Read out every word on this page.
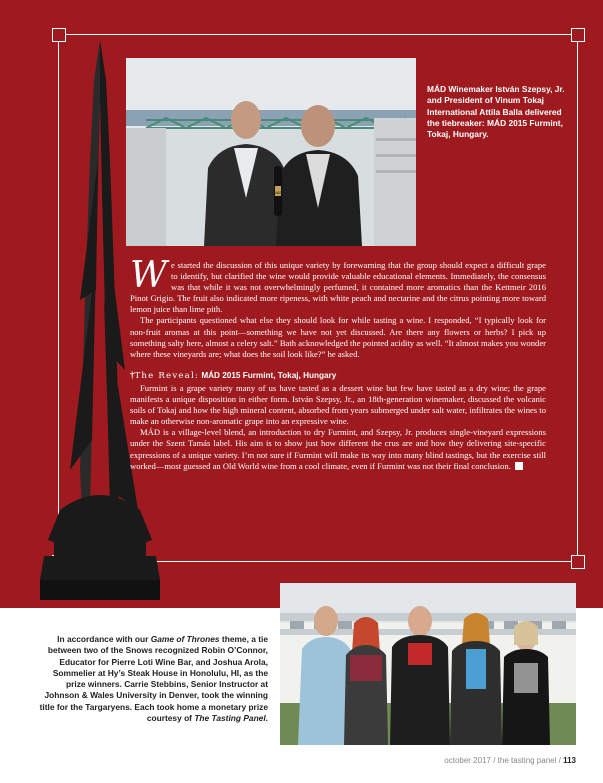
MÁD
MÁD Winemaker István Szepsy, Jr. and President of Vinum Tokaj International Attila Balla delivered the tiebreaker: MÁD 2015 Furmint, Tokaj, Hungary.

We started the discussion of this unique variety by forewarning that the group should expect a difficult grape to identify, but clarified the wine would provide valuable educational elements. Immediately, the consensus was that while it was not overwhelmingly perfumed, it contained more aromatics than the Kettmeir 2016 Pinot Grigio. The fruit also indicated more ripeness, with white peach and nectarine and the citrus pointing more toward lemon juice than lime pith.

The participants questioned what else they should look for while tasting a wine. I responded, “I typically look for non-fruit aromas at this point—something we have not yet discussed. Are there any flowers or herbs? I pick up something salty here, almost a celery salt.” Bath acknowledged the pointed acidity as well. “It almost makes you wonder where these vineyards are; what does the soil look like?” he asked.

†The Reveal: MÁD 2015 Furmint, Tokaj, Hungary

Furmint is a grape variety many of us have tasted as a dessert wine but few have tasted as a dry wine; the grape manifests a unique disposition in either form. István Szepsy, Jr., an 18th-generation winemaker, discussed the volcanic soils of Tokaj and how the high mineral content, absorbed from years submerged under salt water, infiltrates the wines to make an otherwise non-aromatic grape into an expressive wine.

MÁD is a village-level blend, an introduction to dry Furmint, and Szepsy, Jr. produces single-vineyard expressions under the Szent Tamás label. His aim is to show just how different the crus are and how they delivering site-specific expressions of a unique variety. I’m not sure if Furmint will make its way into many blind tastings, but the exercise still worked—most guessed an Old World wine from a cool climate, even if Furmint was not their final conclusion.

In accordance with our Game of Thrones theme, a tie between two of the Snows recognized Robin O’Connor, Educator for Pierre Loti Wine Bar, and Joshua Arola, Sommelier at Hy’s Steak House in Honolulu, HI, as the prize winners. Carrie Stebbins, Senior Instructor at Johnson & Wales University in Denver, took the winning title for the Targaryens. Each took home a monetary prize courtesy of The Tasting Panel.
october 2017 / the tasting panel / 113
